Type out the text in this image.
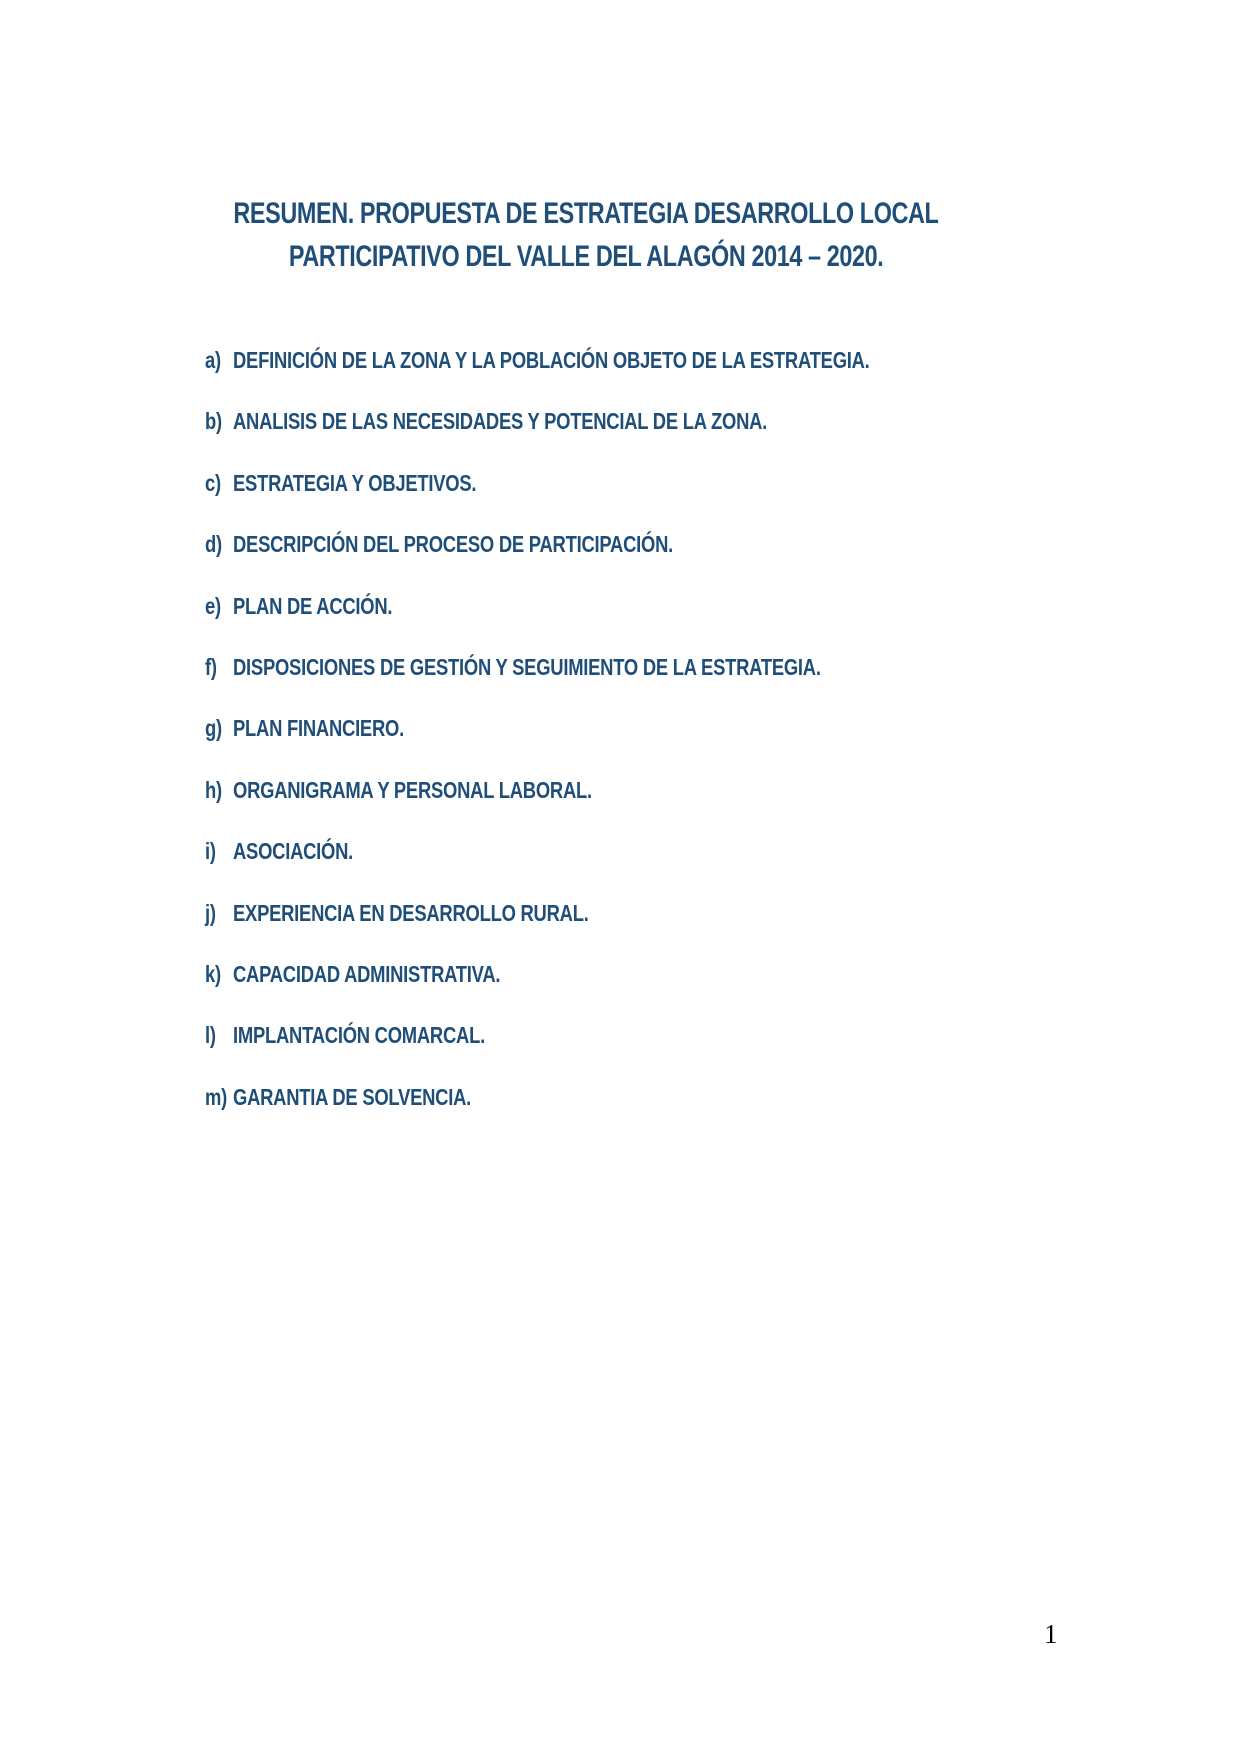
RESUMEN. PROPUESTA DE ESTRATEGIA DESARROLLO LOCAL
PARTICIPATIVO DEL VALLE DEL ALAGÓN 2014 – 2020.
a) DEFINICIÓN DE LA ZONA Y LA POBLACIÓN OBJETO DE LA ESTRATEGIA.
b) ANALISIS DE LAS NECESIDADES Y POTENCIAL DE LA ZONA.
c) ESTRATEGIA Y OBJETIVOS.
d) DESCRIPCIÓN DEL PROCESO DE PARTICIPACIÓN.
e) PLAN DE ACCIÓN.
f) DISPOSICIONES DE GESTIÓN Y SEGUIMIENTO DE LA ESTRATEGIA.
g) PLAN FINANCIERO.
h) ORGANIGRAMA Y PERSONAL LABORAL.
i) ASOCIACIÓN.
j) EXPERIENCIA EN DESARROLLO RURAL.
k) CAPACIDAD ADMINISTRATIVA.
l) IMPLANTACIÓN COMARCAL.
m) GARANTIA DE SOLVENCIA.
1
